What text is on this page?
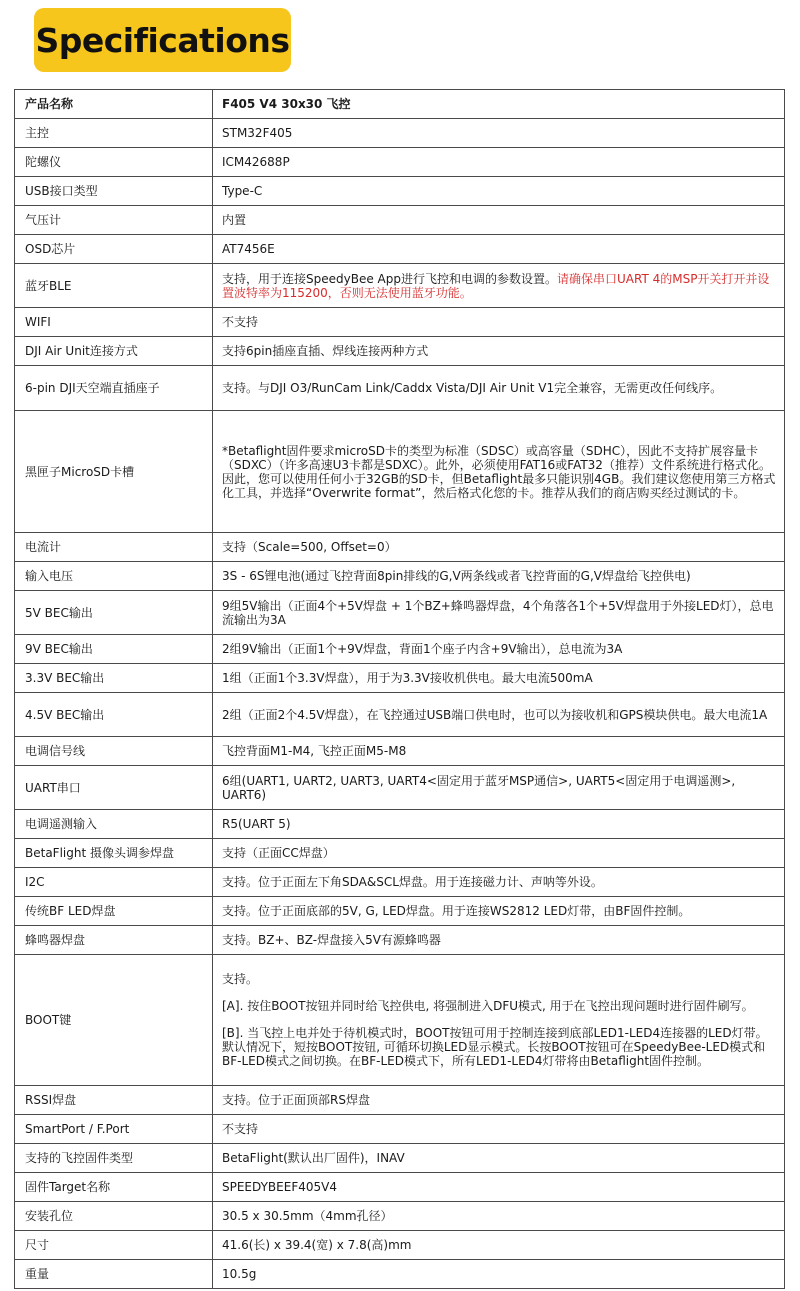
Specifications
产品名称	F405 V4 30x30 飞控
主控	STM32F405
陀螺仪	ICM42688P
USB接口类型	Type-C
气压计	内置
OSD芯片	AT7456E
蓝牙BLE	支持，用于连接SpeedyBee App进行飞控和电调的参数设置。请确保串口UART 4的MSP开关打开并设置波特率为115200，否则无法使用蓝牙功能。
WIFI	不支持
DJI Air Unit连接方式	支持6pin插座直插、焊线连接两种方式
6-pin DJI天空端直插座子	支持。与DJI O3/RunCam Link/Caddx Vista/DJI Air Unit V1完全兼容，无需更改任何线序。
黑匣子MicroSD卡槽	*Betaflight固件要求microSD卡的类型为标准（SDSC）或高容量（SDHC），因此不支持扩展容量卡（SDXC）（许多高速U3卡都是SDXC）。此外，必须使用FAT16或FAT32（推荐）文件系统进行格式化。因此，您可以使用任何小于32GB的SD卡，但Betaflight最多只能识别4GB。我们建议您使用第三方格式化工具，并选择“Overwrite format”，然后格式化您的卡。推荐从我们的商店购买经过测试的卡。
电流计	支持（Scale=500, Offset=0）
输入电压	3S - 6S锂电池(通过飞控背面8pin排线的G,V两条线或者飞控背面的G,V焊盘给飞控供电)
5V BEC输出	9组5V输出（正面4个+5V焊盘 + 1个BZ+蜂鸣器焊盘，4个角落各1个+5V焊盘用于外接LED灯），总电流输出为3A
9V BEC输出	2组9V输出（正面1个+9V焊盘，背面1个座子内含+9V输出），总电流为3A
3.3V BEC输出	1组（正面1个3.3V焊盘），用于为3.3V接收机供电。最大电流500mA
4.5V BEC输出	2组（正面2个4.5V焊盘），在飞控通过USB端口供电时，也可以为接收机和GPS模块供电。最大电流1A
电调信号线	飞控背面M1-M4, 飞控正面M5-M8
UART串口	6组(UART1, UART2, UART3, UART4<固定用于蓝牙MSP通信>, UART5<固定用于电调遥测>, UART6)
电调遥测输入	R5(UART 5)
BetaFlight 摄像头调参焊盘	支持（正面CC焊盘）
I2C	支持。位于正面左下角SDA&SCL焊盘。用于连接磁力计、声呐等外设。
传统BF LED焊盘	支持。位于正面底部的5V, G, LED焊盘。用于连接WS2812 LED灯带，由BF固件控制。
蜂鸣器焊盘	支持。BZ+、BZ-焊盘接入5V有源蜂鸣器
BOOT键	支持。
[A]. 按住BOOT按钮并同时给飞控供电, 将强制进入DFU模式, 用于在飞控出现问题时进行固件刷写。
[B]. 当飞控上电并处于待机模式时，BOOT按钮可用于控制连接到底部LED1-LED4连接器的LED灯带。默认情况下，短按BOOT按钮, 可循环切换LED显示模式。长按BOOT按钮可在SpeedyBee-LED模式和BF-LED模式之间切换。在BF-LED模式下，所有LED1-LED4灯带将由Betaflight固件控制。

RSSI焊盘	支持。位于正面顶部RS焊盘
SmartPort / F.Port	不支持
支持的飞控固件类型	BetaFlight(默认出厂固件)，INAV
固件Target名称	SPEEDYBEEF405V4
安装孔位	30.5 x 30.5mm（4mm孔径）
尺寸	41.6(长) x 39.4(宽) x 7.8(高)mm
重量	10.5g
